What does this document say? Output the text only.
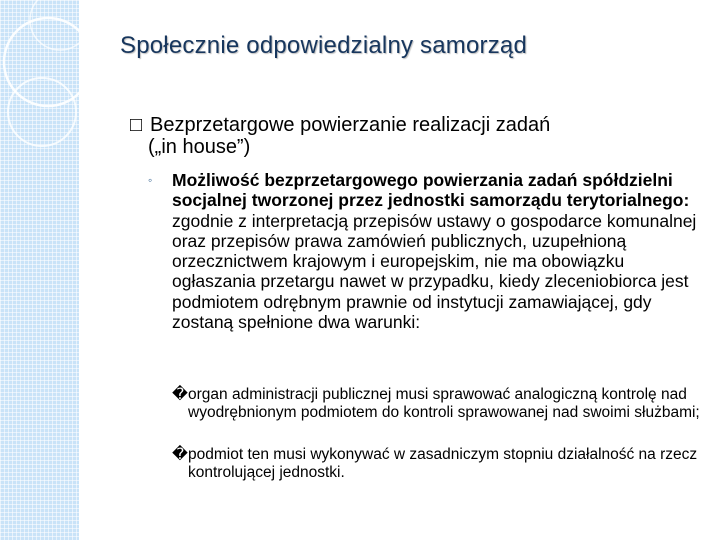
Społecznie odpowiedzialny samorząd
□ Bezprzetargowe powierzanie realizacji zadań
(„in house”)
◦ Możliwość bezprzetargowego powierzania zadań spółdzielni socjalnej tworzonej przez jednostki samorządu terytorialnego: zgodnie z interpretacją przepisów ustawy o gospodarce komunalnej oraz przepisów prawa zamówień publicznych, uzupełnioną orzecznictwem krajowym i europejskim, nie ma obowiązku ogłaszania przetargu nawet w przypadku, kiedy zleceniobiorca jest podmiotem odrębnym prawnie od instytucji zamawiającej, gdy zostaną spełnione dwa warunki:
� organ administracji publicznej musi sprawować analogiczną kontrolę nad wyodrębnionym podmiotem do kontroli sprawowanej nad swoimi służbami;
� podmiot ten musi wykonywać w zasadniczym stopniu działalność na rzecz kontrolującej jednostki.
